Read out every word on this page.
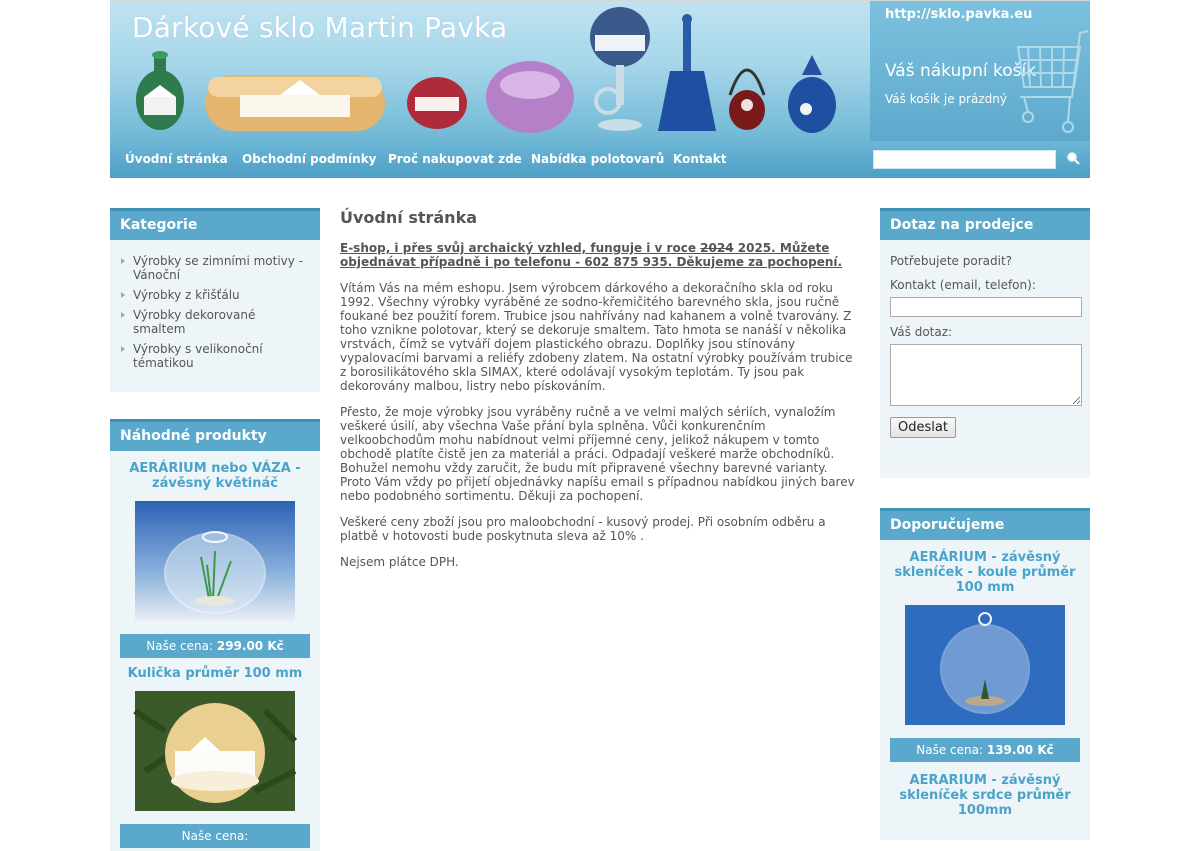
Dárkové sklo Martin Pavka	http://sklo.pavka.eu
Váš nákupní košík
Váš košík je prázdný
Úvodní stránka Obchodní podmínky Proč nakupovat zde Nabídka polotovarů Kontakt
Kategorie
Výrobky se zimními motivy - Vánoční
Výrobky z křišťálu
Výrobky dekorované smaltem
Výrobky s velikonoční tématikou
Náhodné produkty
AERÁRIUM nebo VÁZA - závěsný květináč
Naše cena: 299.00 Kč
Kulička průměr 100 mm
Naše cena:
Úvodní stránka

E-shop, i přes svůj archaický vzhled, funguje i v roce 2024 2025. Můžete objednávat případně i po telefonu - 602 875 935. Děkujeme za pochopení.

Vítám Vás na mém eshopu. Jsem výrobcem dárkového a dekoračního skla od roku 1992. Všechny výrobky vyráběné ze sodno-křemičitého barevného skla, jsou ručně foukané bez použití forem. Trubice jsou nahřívány nad kahanem a volně tvarovány. Z toho vznikne polotovar, který se dekoruje smaltem. Tato hmota se nanáší v několika vrstvách, čímž se vytváří dojem plastického obrazu. Doplňky jsou stínovány vypalovacími barvami a reliéfy zdobeny zlatem. Na ostatní výrobky používám trubice z borosilikátového skla SIMAX, které odolávají vysokým teplotám. Ty jsou pak dekorovány malbou, listry nebo pískováním.

Přesto, že moje výrobky jsou vyráběny ručně a ve velmi malých sériích, vynaložím veškeré úsilí, aby všechna Vaše přání byla splněna. Vůči konkurenčním velkoobchodům mohu nabídnout velmi příjemné ceny, jelikož nákupem v tomto obchodě platíte čistě jen za materiál a práci. Odpadají veškeré marže obchodníků. Bohužel nemohu vždy zaručit, že budu mít připravené všechny barevné varianty. Proto Vám vždy po přijetí objednávky napíšu email s případnou nabídkou jiných barev nebo podobného sortimentu. Děkuji za pochopení.

Veškeré ceny zboží jsou pro maloobchodní - kusový prodej. Při osobním odběru a platbě v hotovosti bude poskytnuta sleva až 10% .

Nejsem plátce DPH.

Dotaz na prodejce
Potřebujete poradit?
Kontakt (email, telefon):
Váš dotaz:
Odeslat
Doporučujeme
AERÁRIUM - závěsný skleníček - koule průměr 100 mm
Naše cena: 139.00 Kč
AERARIUM - závěsný skleníček srdce průměr 100mm
